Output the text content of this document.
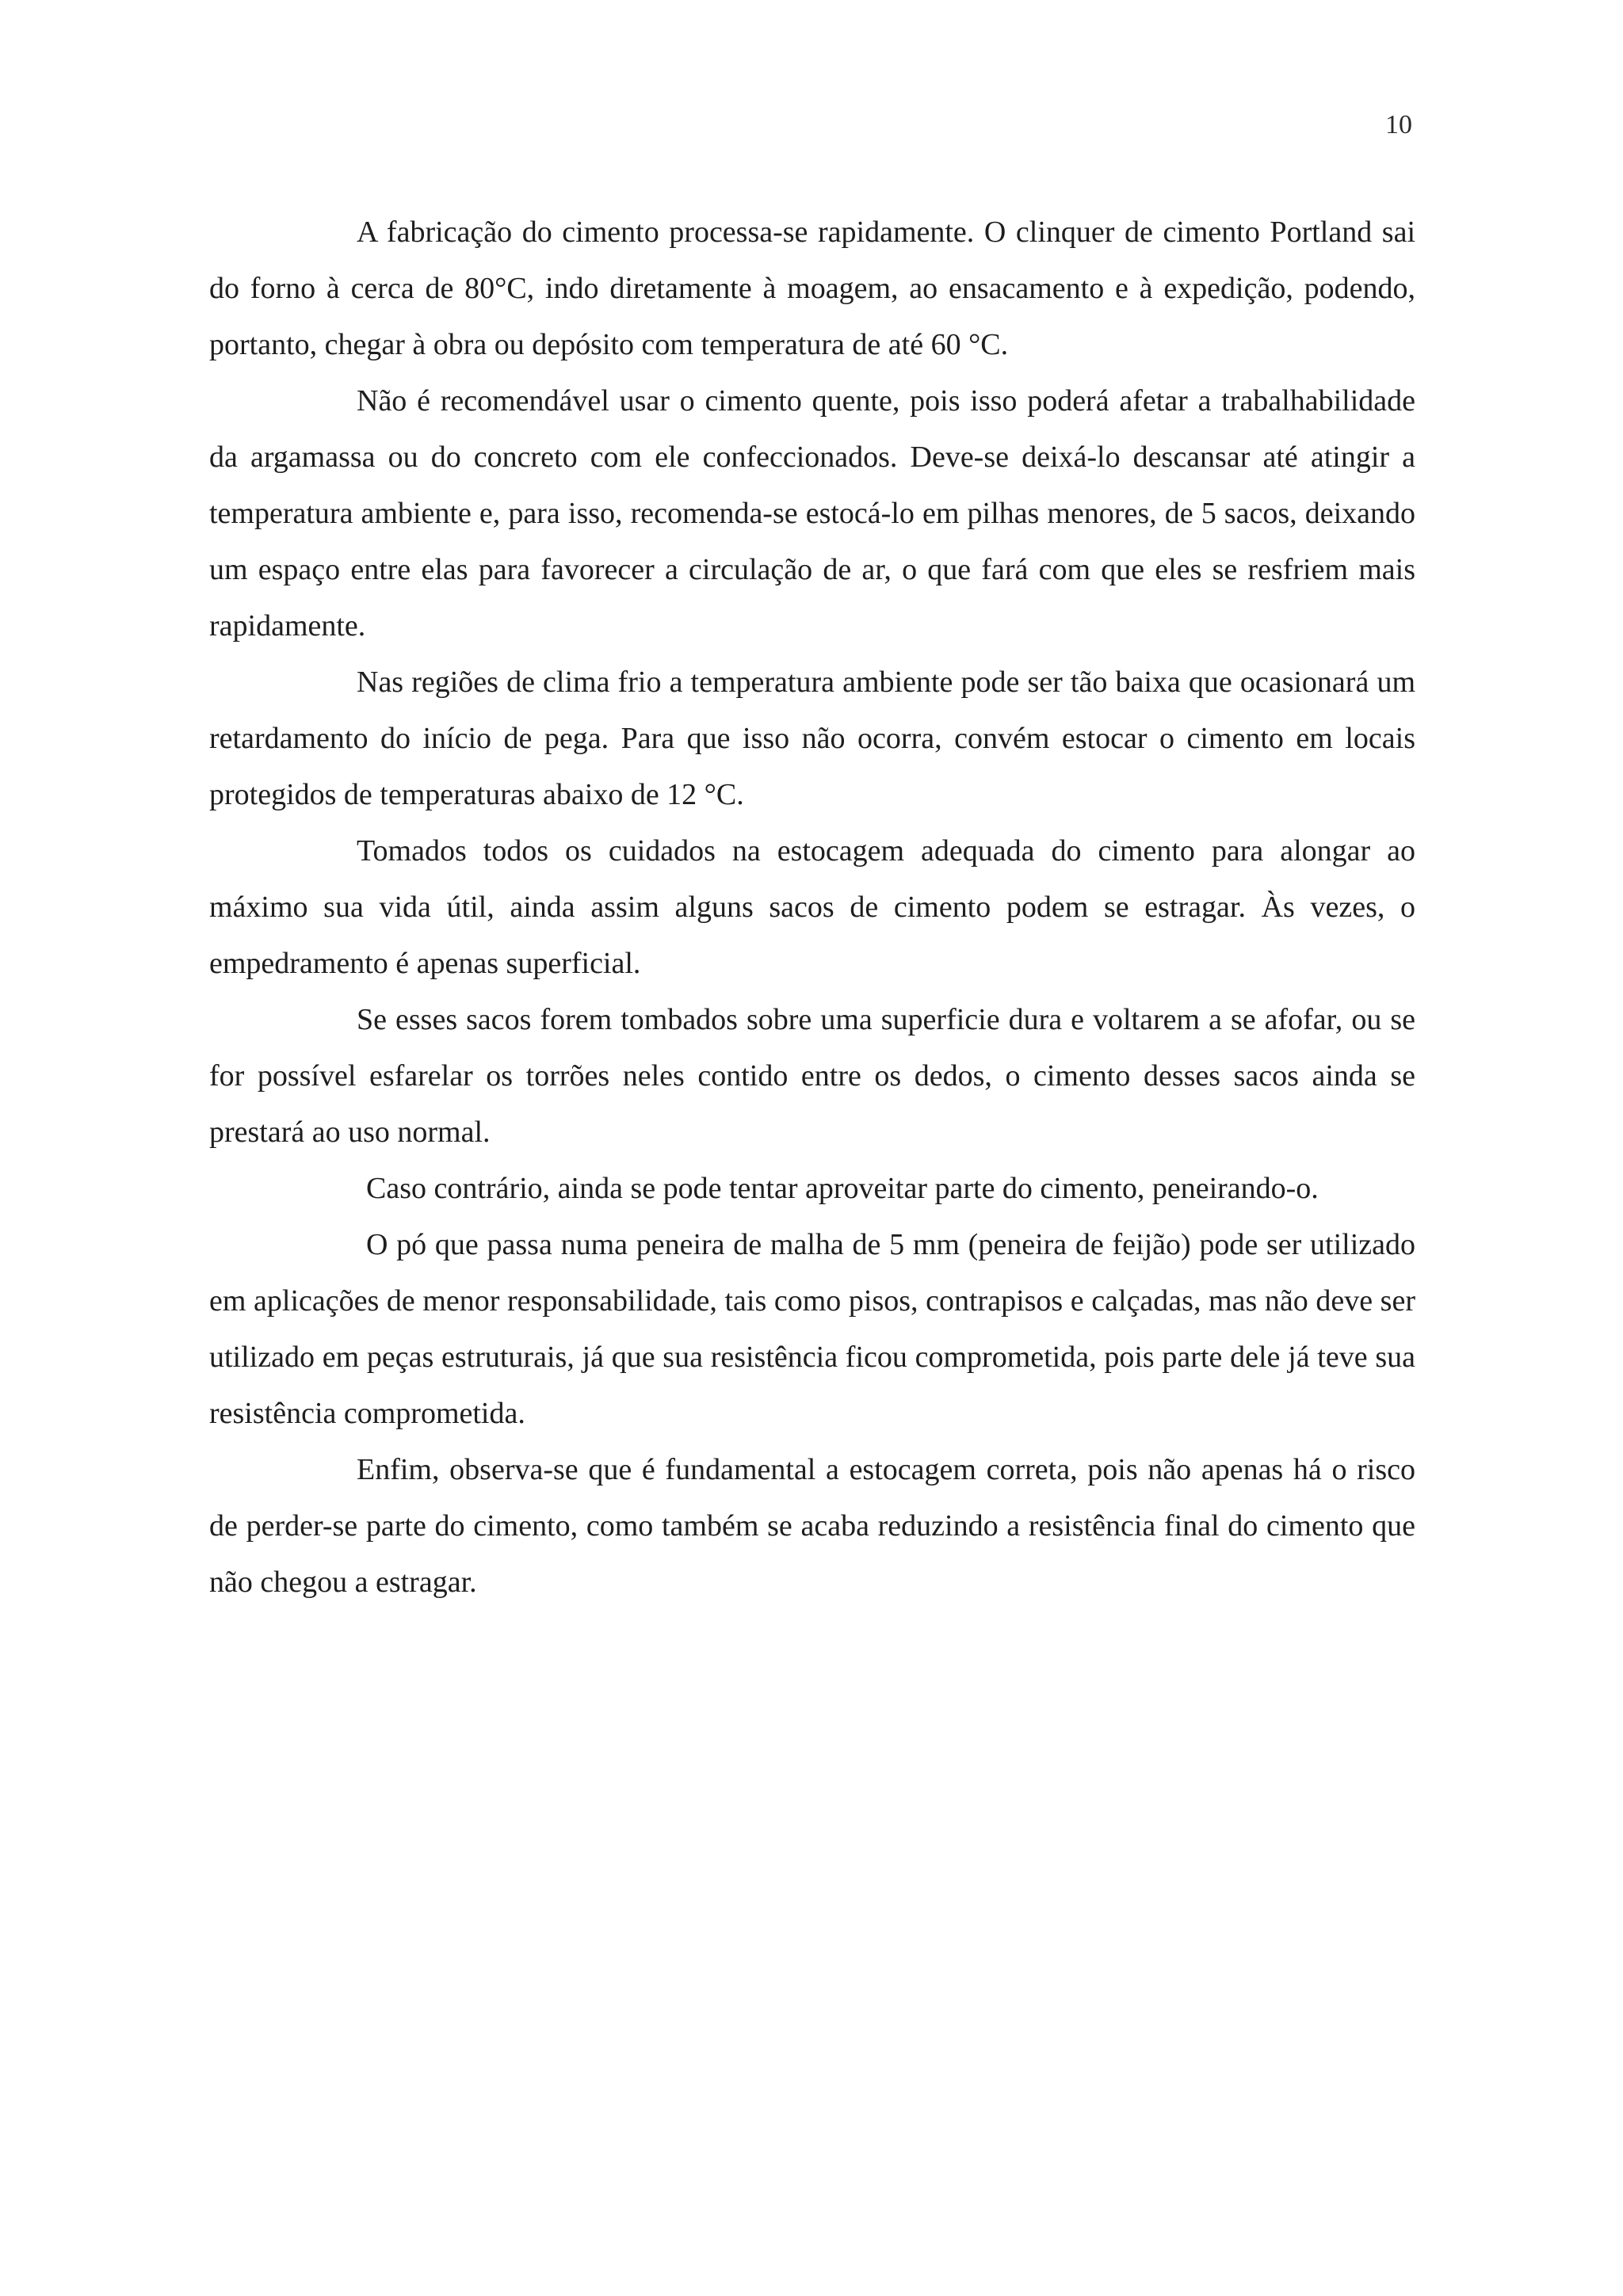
10

A fabricação do cimento processa-se rapidamente. O clinquer de cimento Portland sai do forno à cerca de 80°C, indo diretamente à moagem, ao ensacamento e à expedição, podendo, portanto, chegar à obra ou depósito com temperatura de até 60 °C.

Não é recomendável usar o cimento quente, pois isso poderá afetar a trabalhabilidade da argamassa ou do concreto com ele confeccionados. Deve-se deixá-lo descansar até atingir a temperatura ambiente e, para isso, recomenda-se estocá-lo em pilhas menores, de 5 sacos, deixando um espaço entre elas para favorecer a circulação de ar, o que fará com que eles se resfriem mais rapidamente.

Nas regiões de clima frio a temperatura ambiente pode ser tão baixa que ocasionará um retardamento do início de pega. Para que isso não ocorra, convém estocar o cimento em locais protegidos de temperaturas abaixo de 12 °C.

Tomados todos os cuidados na estocagem adequada do cimento para alongar ao máximo sua vida útil, ainda assim alguns sacos de cimento podem se estragar. Às vezes, o empedramento é apenas superficial.

Se esses sacos forem tombados sobre uma superficie dura e voltarem a se afofar, ou se for possível esfarelar os torrões neles contido entre os dedos, o cimento desses sacos ainda se prestará ao uso normal.

Caso contrário, ainda se pode tentar aproveitar parte do cimento, peneirando-o.

O pó que passa numa peneira de malha de 5 mm (peneira de feijão) pode ser utilizado em aplicações de menor responsabilidade, tais como pisos, contrapisos e calçadas, mas não deve ser utilizado em peças estruturais, já que sua resistência ficou comprometida, pois parte dele já teve sua resistência comprometida.

Enfim, observa-se que é fundamental a estocagem correta, pois não apenas há o risco de perder-se parte do cimento, como também se acaba reduzindo a resistência final do cimento que não chegou a estragar.
